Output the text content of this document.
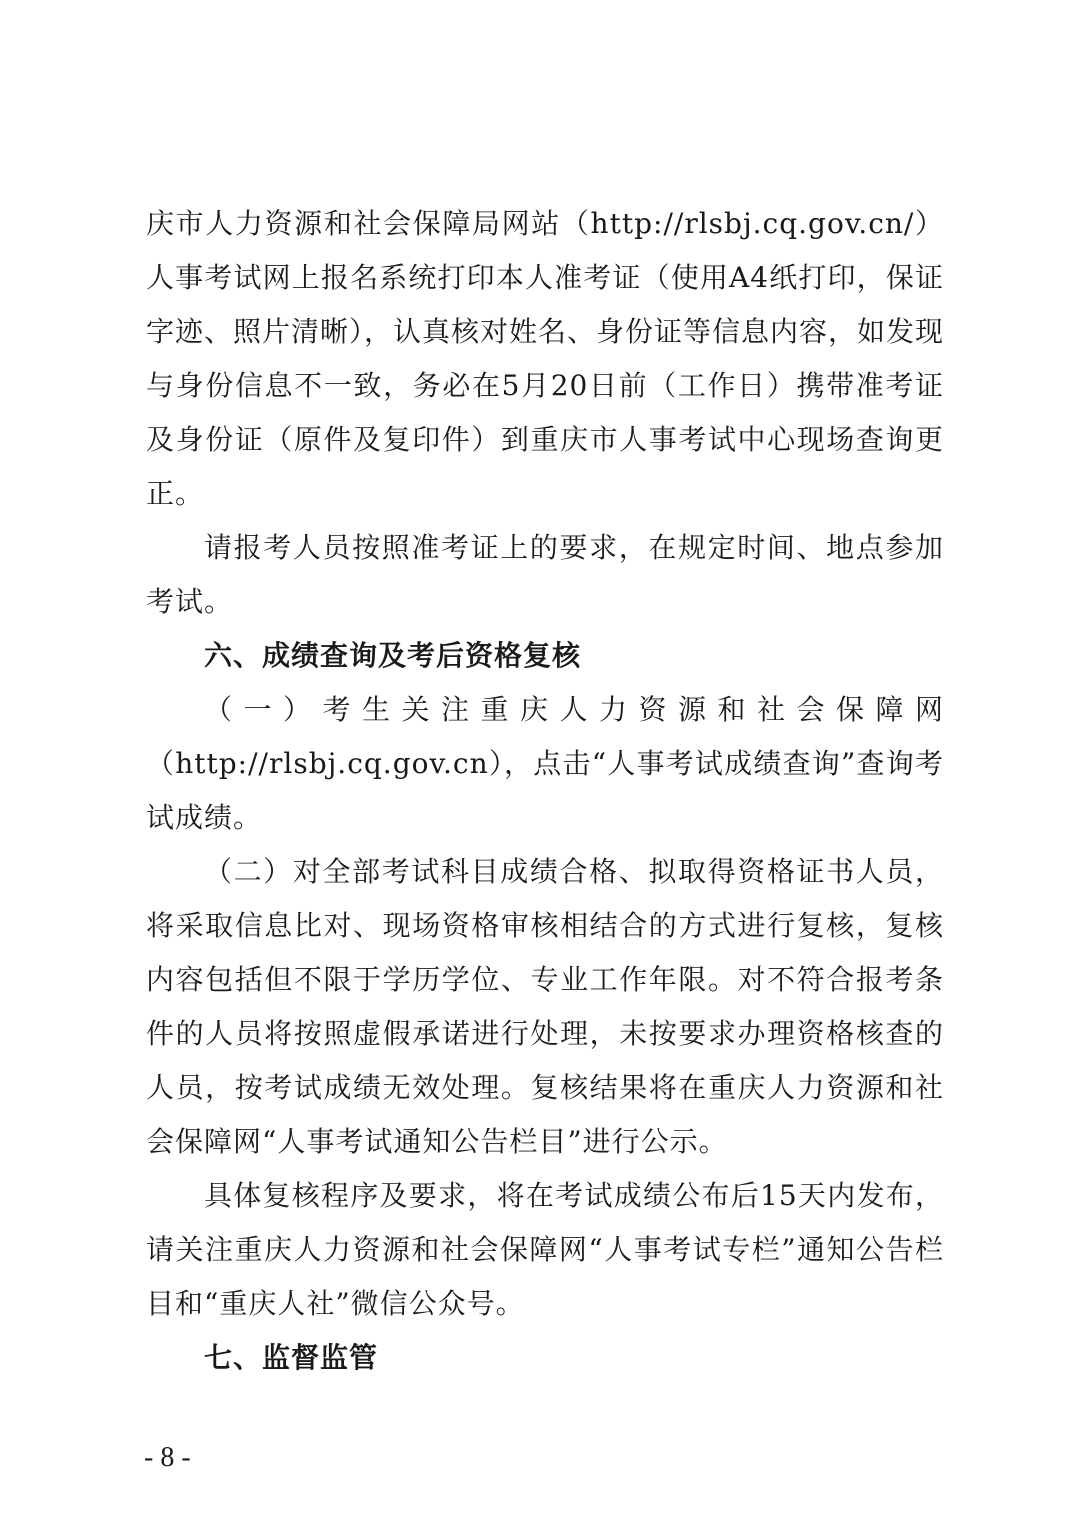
庆市人力资源和社会保障局网站（http://rlsbj.cq.gov.cn/）人事考试网上报名系统打印本人准考证（使用A4纸打印，保证字迹、照片清晰），认真核对姓名、身份证等信息内容，如发现与身份信息不一致，务必在5月20日前（工作日）携带准考证及身份证（原件及复印件）到重庆市人事考试中心现场查询更正。

请报考人员按照准考证上的要求，在规定时间、地点参加考试。

六、成绩查询及考后资格复核

（一）考生关注重庆人力资源和社会保障网（http://rlsbj.cq.gov.cn），点击“人事考试成绩查询”查询考试成绩。

（二）对全部考试科目成绩合格、拟取得资格证书人员，将采取信息比对、现场资格审核相结合的方式进行复核，复核内容包括但不限于学历学位、专业工作年限。对不符合报考条件的人员将按照虚假承诺进行处理，未按要求办理资格核查的人员，按考试成绩无效处理。复核结果将在重庆人力资源和社会保障网“人事考试通知公告栏目”进行公示。

具体复核程序及要求，将在考试成绩公布后15天内发布，请关注重庆人力资源和社会保障网“人事考试专栏”通知公告栏目和“重庆人社”微信公众号。

七、监督监管

- 8 -
